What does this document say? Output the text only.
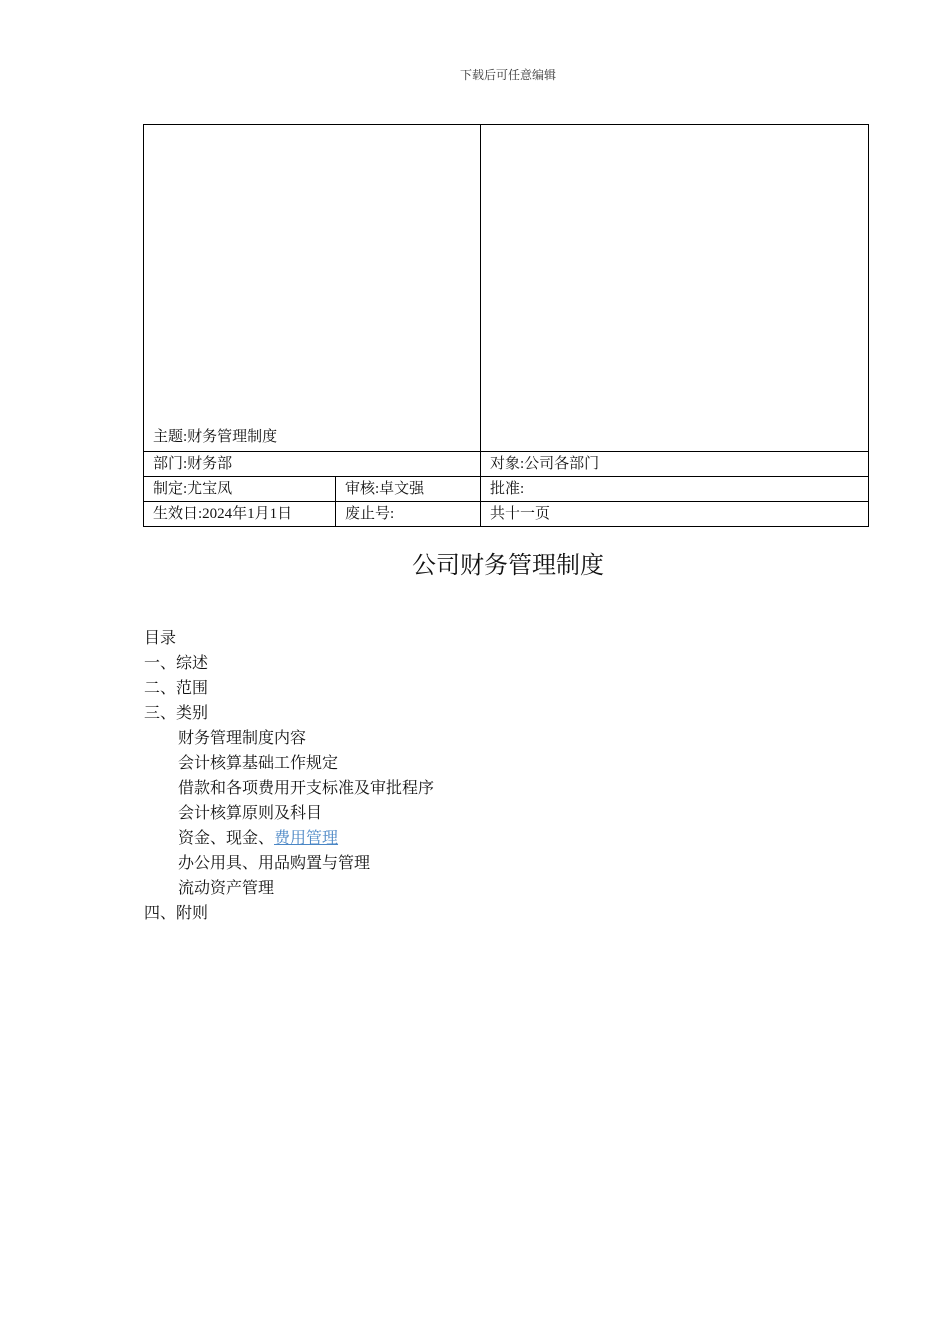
下载后可任意编辑
主题:财务管理制度		
部门:财务部		对象:公司各部门
制定:尤宝凤	审核:卓文强	批准:
生效日:2024年1月1日	废止号:	共十一页
公司财务管理制度
目录
一、综述
二、范围
三、类别
财务管理制度内容
会计核算基础工作规定
借款和各项费用开支标准及审批程序
会计核算原则及科目
资金、现金、费用管理
办公用具、用品购置与管理
流动资产管理
四、附则
